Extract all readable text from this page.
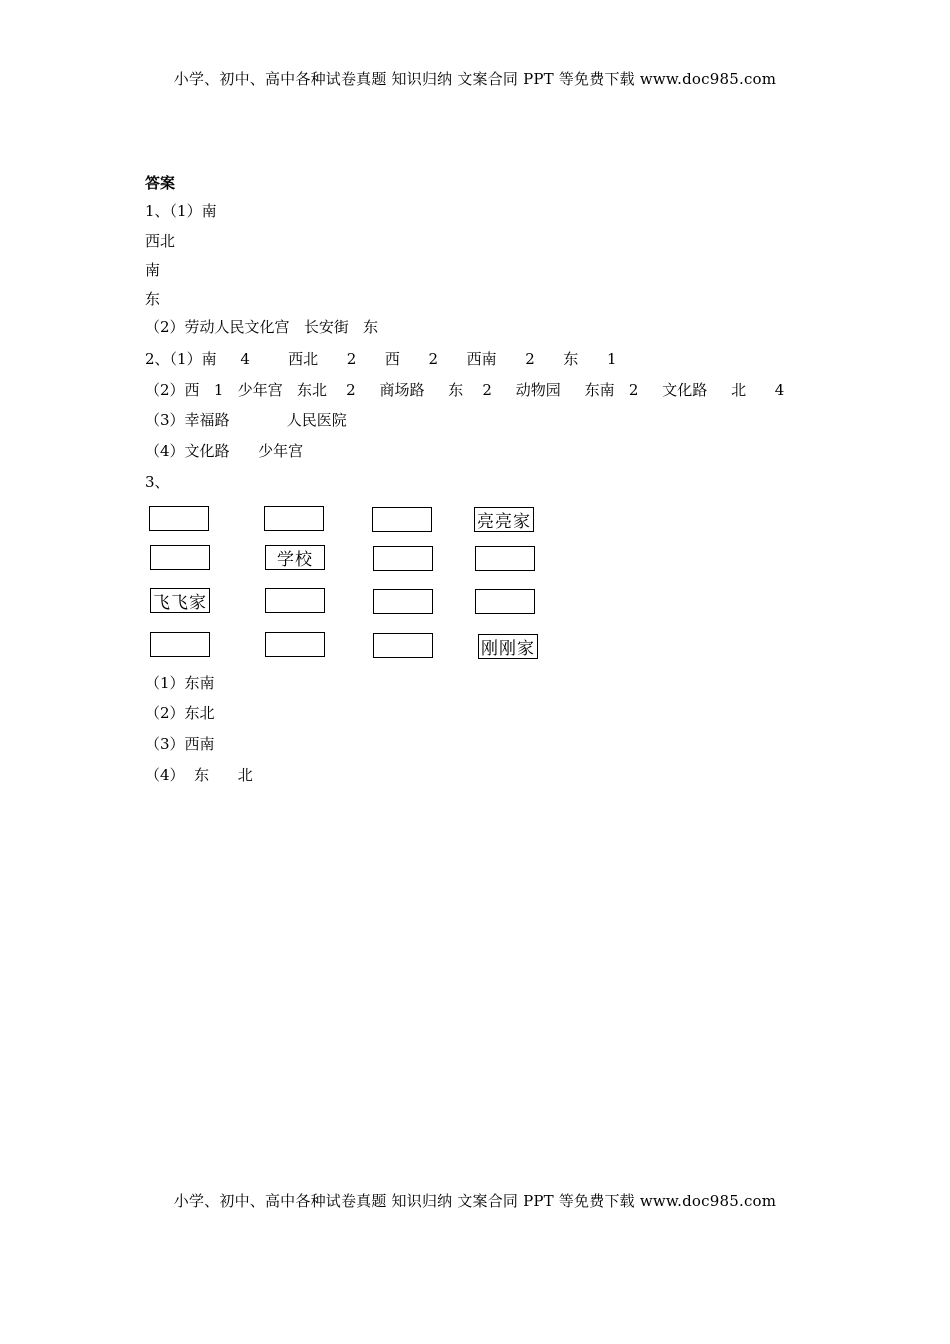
小学、初中、高中各种试卷真题 知识归纳 文案合同 PPT 等免费下载 www.doc985.com
答案
1、（1）南
西北
南
东
（2）劳动人民文化宫   长安街   东
2、（1）南     4        西北      2      西      2      西南      2      东      1
（2）西   1   少年宫   东北    2     商场路     东    2     动物园     东南   2     文化路     北      4
（3）幸福路            人民医院
（4）文化路      少年宫
3、
亮亮家
学校
飞飞家
刚刚家
（1）东南
（2）东北
（3）西南
（4）  东      北
小学、初中、高中各种试卷真题 知识归纳 文案合同 PPT 等免费下载 www.doc985.com
